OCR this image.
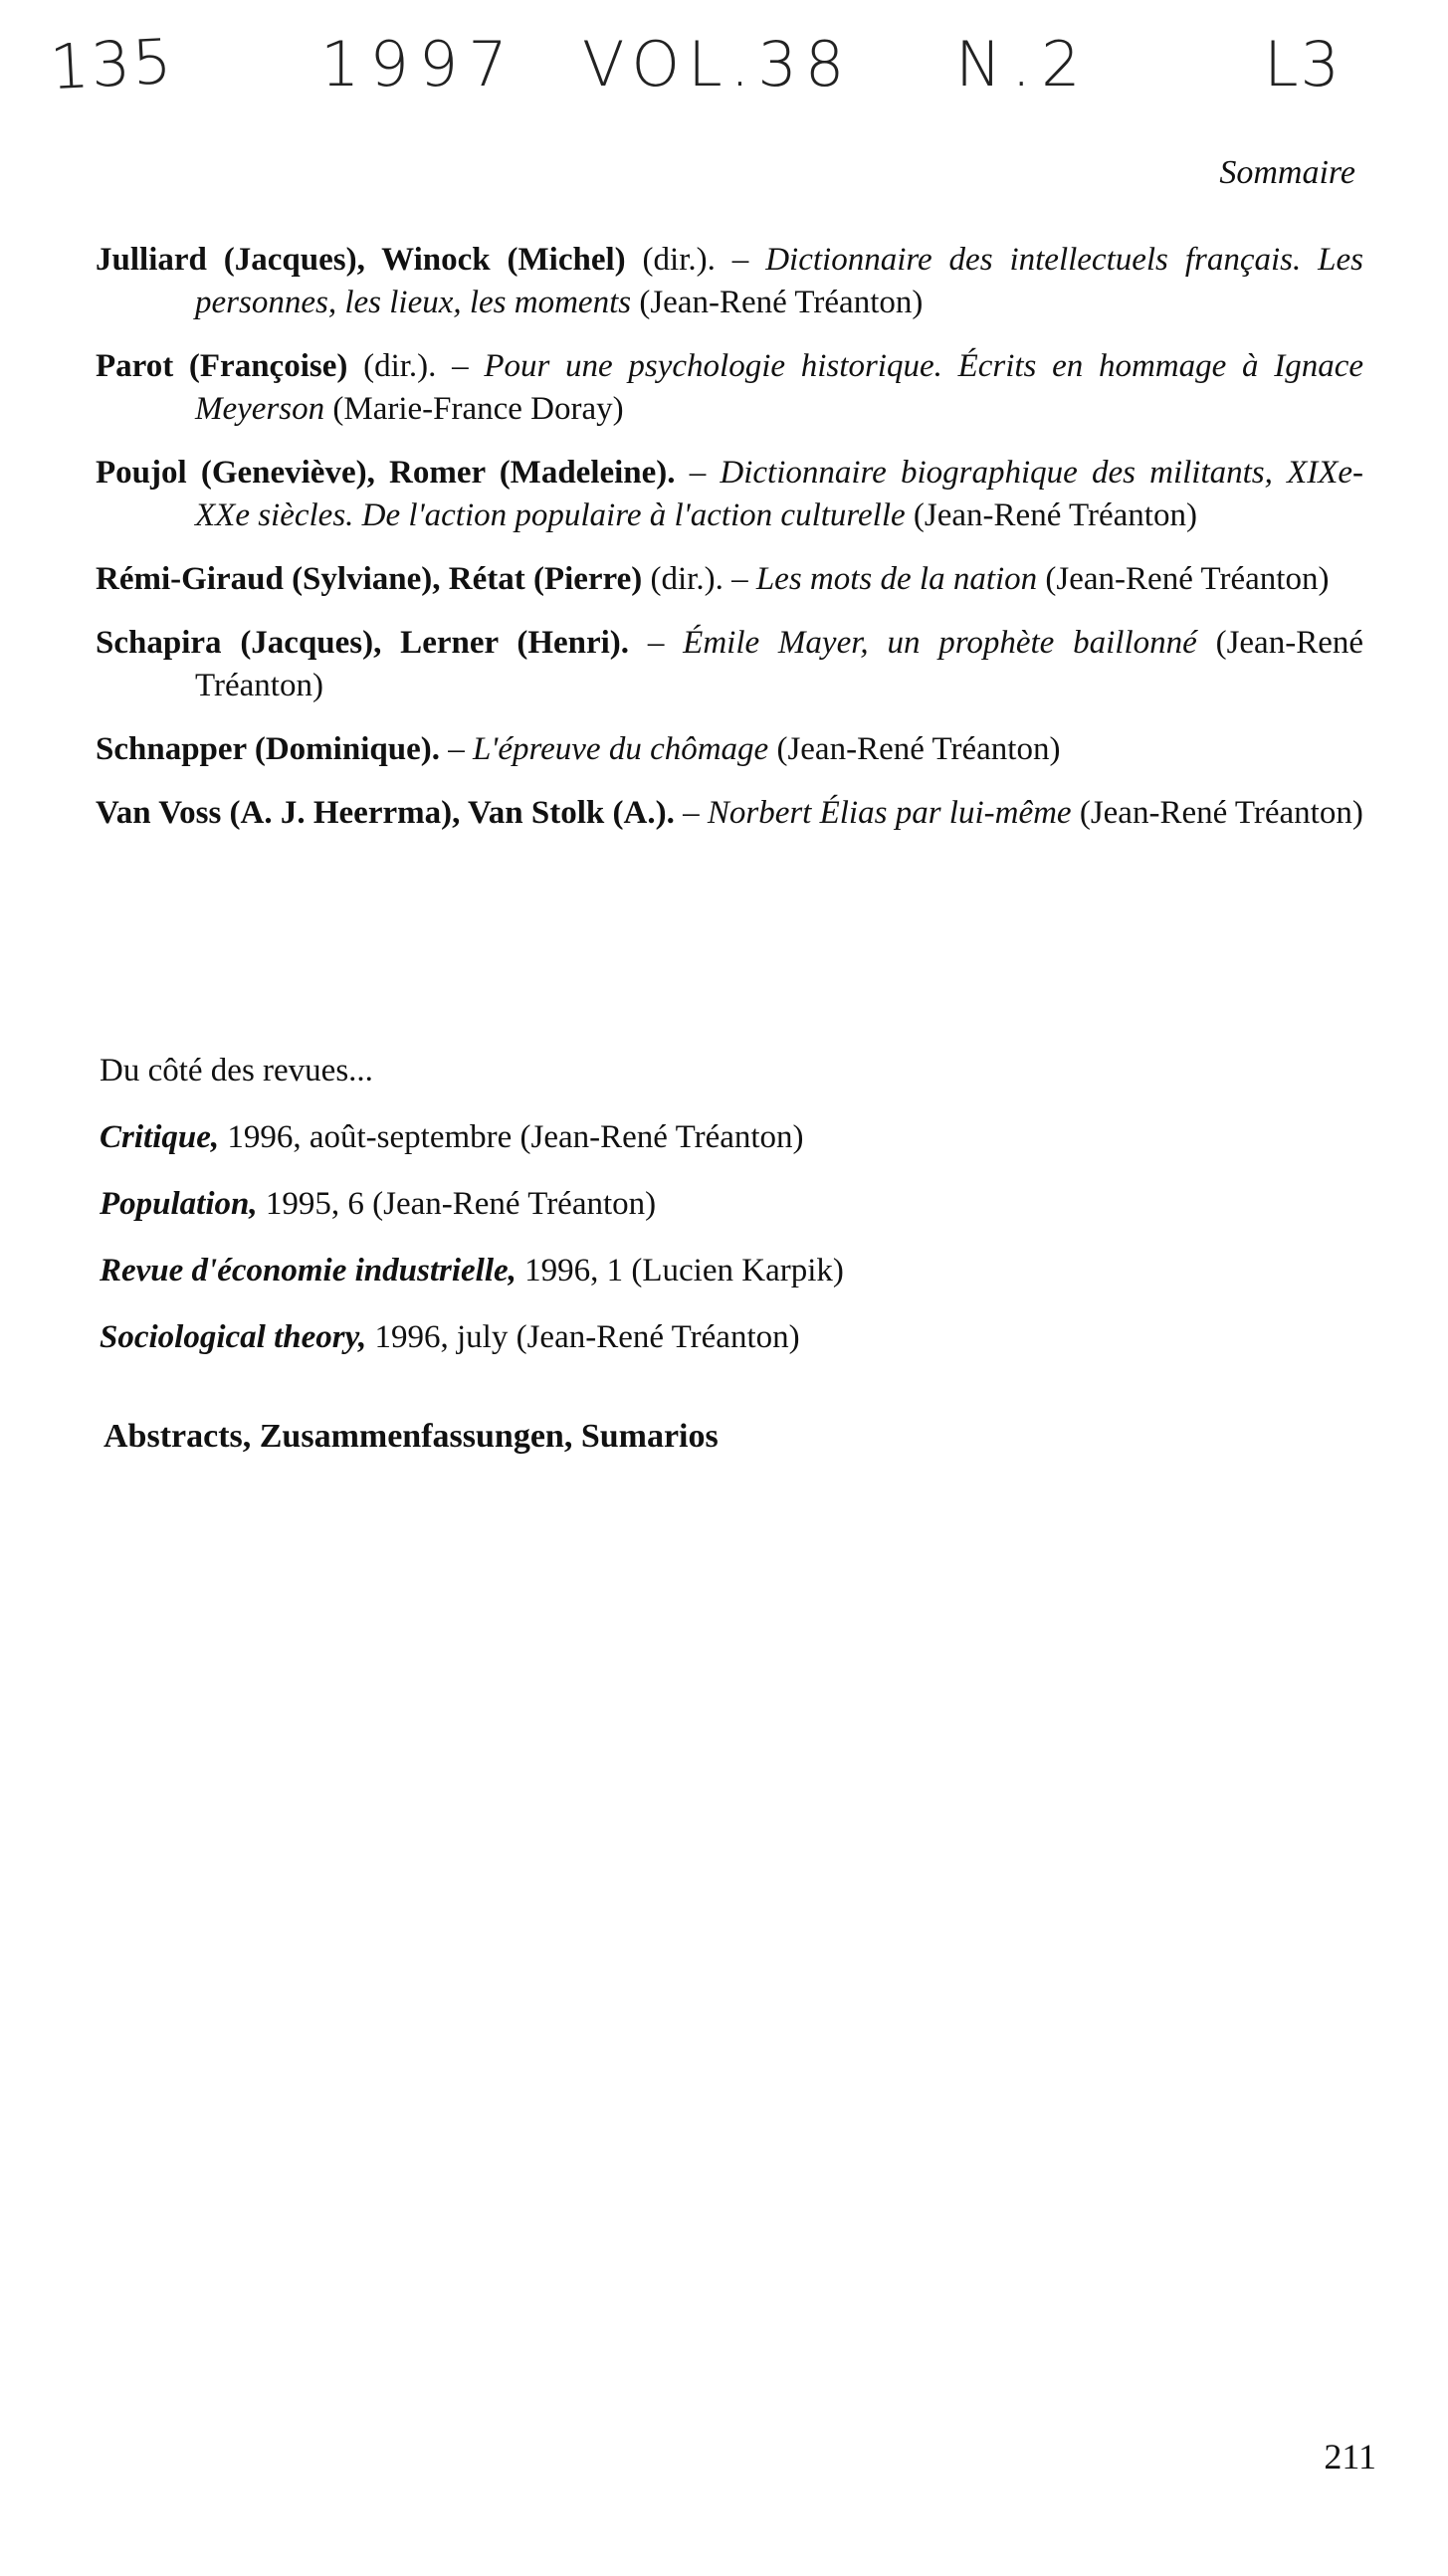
135 1997 VOL.38 N.2	L3
Sommaire
Julliard (Jacques), Winock (Michel) (dir.). – Dictionnaire des intellectuels français. Les personnes, les lieux, les moments (Jean-René Tréanton)
Parot (Françoise) (dir.). – Pour une psychologie historique. Écrits en hommage à Ignace Meyerson (Marie-France Doray)
Poujol (Geneviève), Romer (Madeleine). – Dictionnaire biographique des militants, XIXe-XXe siècles. De l'action populaire à l'action culturelle (Jean-René Tréanton)
Rémi-Giraud (Sylviane), Rétat (Pierre) (dir.). – Les mots de la nation (Jean-René Tréanton)
Schapira (Jacques), Lerner (Henri). – Émile Mayer, un prophète baillonné (Jean-René Tréanton)
Schnapper (Dominique). – L'épreuve du chômage (Jean-René Tréanton)
Van Voss (A. J. Heerrma), Van Stolk (A.). – Norbert Élias par lui-même (Jean-René Tréanton)

Du côté des revues...

Critique, 1996, août-septembre (Jean-René Tréanton)

Population, 1995, 6 (Jean-René Tréanton)

Revue d'économie industrielle, 1996, 1 (Lucien Karpik)

Sociological theory, 1996, july (Jean-René Tréanton)

Abstracts, Zusammenfassungen, Sumarios
211
